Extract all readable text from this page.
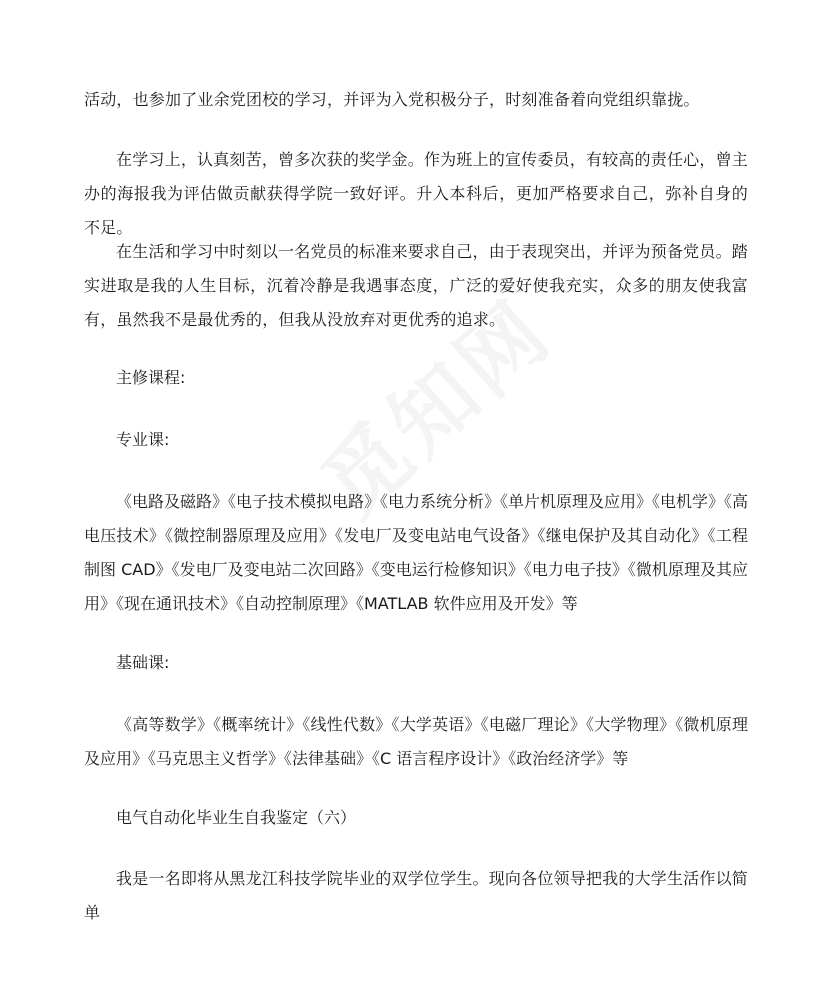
活动，也参加了业余党团校的学习，并评为入党积极分子，时刻准备着向党组织靠拢。

在学习上，认真刻苦，曾多次获的奖学金。作为班上的宣传委员，有较高的责任心，曾主办的海报我为评估做贡献获得学院一致好评。升入本科后，更加严格要求自己，弥补自身的不足。

在生活和学习中时刻以一名党员的标准来要求自己，由于表现突出，并评为预备党员。踏实进取是我的人生目标，沉着冷静是我遇事态度，广泛的爱好使我充实，众多的朋友使我富有，虽然我不是最优秀的，但我从没放弃对更优秀的追求。

主修课程:

专业课:

《电路及磁路》《电子技术模拟电路》《电力系统分析》《单片机原理及应用》《电机学》《高电压技术》《微控制器原理及应用》《发电厂及变电站电气设备》《继电保护及其自动化》《工程制图 CAD》《发电厂及变电站二次回路》《变电运行检修知识》《电力电子技》《微机原理及其应用》《现在通讯技术》《自动控制原理》《MATLAB 软件应用及开发》等

基础课:

《高等数学》《概率统计》《线性代数》《大学英语》《电磁厂理论》《大学物理》《微机原理及应用》《马克思主义哲学》《法律基础》《C 语言程序设计》《政治经济学》等

电气自动化毕业生自我鉴定（六）

我是一名即将从黑龙江科技学院毕业的双学位学生。现向各位领导把我的大学生活作以简单
